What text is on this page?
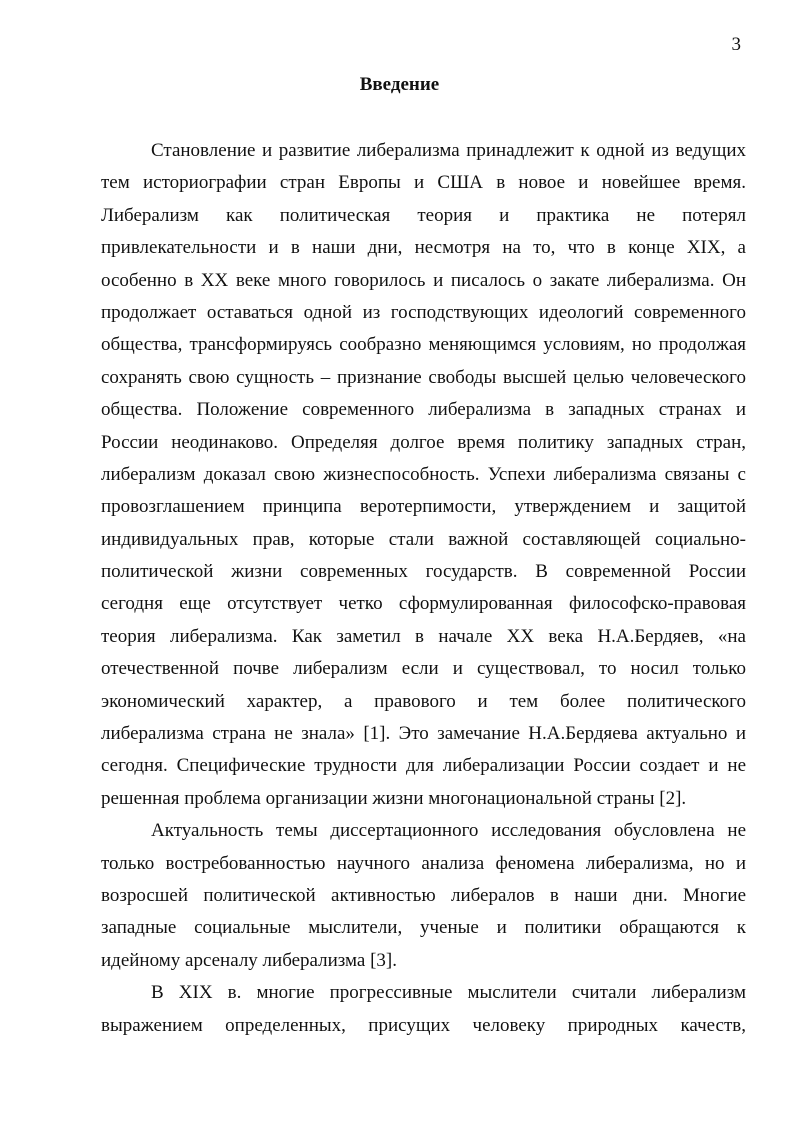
3
Введение
Становление и развитие либерализма принадлежит к одной из ведущих
тем историографии стран Европы и США в новое и новейшее время.
Либерализм как политическая теория и практика не потерял
привлекательности и в наши дни, несмотря на то, что в конце XIX, а
особенно в ХХ веке много говорилось и писалось о закате либерализма. Он
продолжает оставаться одной из господствующих идеологий современного
общества, трансформируясь сообразно меняющимся условиям, но продолжая
сохранять свою сущность – признание свободы высшей целью человеческого
общества. Положение современного либерализма в западных странах и
России неодинаково. Определяя долгое время политику западных стран,
либерализм доказал свою жизнеспособность. Успехи либерализма связаны с
провозглашением принципа веротерпимости, утверждением и защитой
индивидуальных прав, которые стали важной составляющей социально-
политической жизни современных государств. В современной России
сегодня еще отсутствует четко сформулированная философско-правовая
теория либерализма. Как заметил в начале ХХ века Н.А.Бердяев, «на
отечественной почве либерализм если и существовал, то носил только
экономический характер, а правового и тем более политического
либерализма страна не знала» [1]. Это замечание Н.А.Бердяева актуально и
сегодня. Специфические трудности для либерализации России создает и не
решенная проблема организации жизни многонациональной страны [2].
Актуальность темы диссертационного исследования обусловлена не
только востребованностью научного анализа феномена либерализма, но и
возросшей политической активностью либералов в наши дни. Многие
западные социальные мыслители, ученые и политики обращаются к
идейному арсеналу либерализма [3].
В XIX в. многие прогрессивные мыслители считали либерализм
выражением определенных, присущих человеку природных качеств,
